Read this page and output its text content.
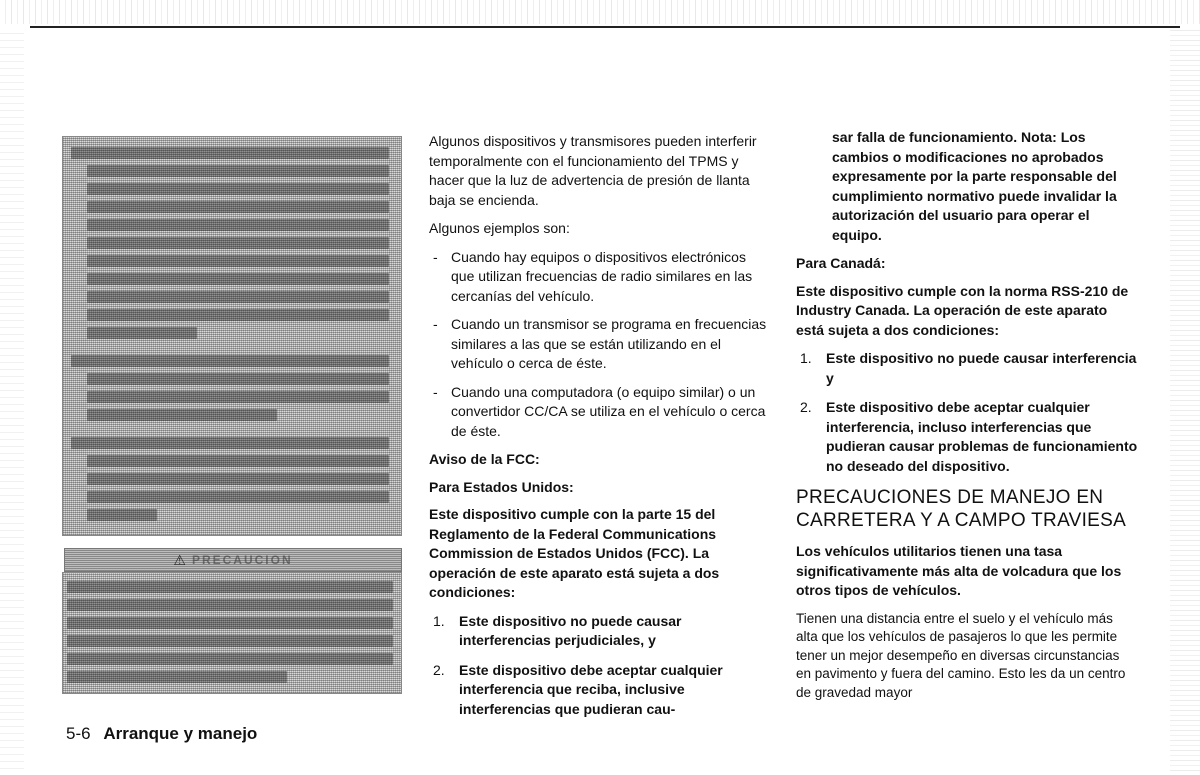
⚠ PRECAUCION

Algunos dispositivos y transmisores pueden interferir temporalmente con el funcionamiento del TPMS y hacer que la luz de advertencia de presión de llanta baja se encienda.

Algunos ejemplos son:

- Cuando hay equipos o dispositivos electrónicos que utilizan frecuencias de radio similares en las cercanías del vehículo.
- Cuando un transmisor se programa en frecuencias similares a las que se están utilizando en el vehículo o cerca de éste.
- Cuando una computadora (o equipo similar) o un convertidor CC/CA se utiliza en el vehículo o cerca de éste.
Aviso de la FCC:
Para Estados Unidos:

Este dispositivo cumple con la parte 15 del Reglamento de la Federal Communications Commission de Estados Unidos (FCC). La operación de este aparato está sujeta a dos condiciones:

1. Este dispositivo no puede causar interferencias perjudiciales, y
2. Este dispositivo debe aceptar cualquier interferencia que reciba, inclusive interferencias que pudieran cau-

sar falla de funcionamiento. Nota: Los cambios o modificaciones no aprobados expresamente por la parte responsable del cumplimiento normativo puede invalidar la autorización del usuario para operar el equipo.

Para Canadá:

Este dispositivo cumple con la norma RSS-210 de Industry Canada. La operación de este aparato está sujeta a dos condiciones:

1. Este dispositivo no puede causar interferencia y
2. Este dispositivo debe aceptar cualquier interferencia, incluso interferencias que pudieran causar problemas de funcionamiento no deseado del dispositivo.
PRECAUCIONES DE MANEJO EN CARRETERA Y A CAMPO TRAVIESA

Los vehículos utilitarios tienen una tasa significativamente más alta de volcadura que los otros tipos de vehículos.

Tienen una distancia entre el suelo y el vehículo más alta que los vehículos de pasajeros lo que les permite tener un mejor desempeño en diversas circunstancias en pavimento y fuera del camino. Esto les da un centro de gravedad mayor

5-6 Arranque y manejo
